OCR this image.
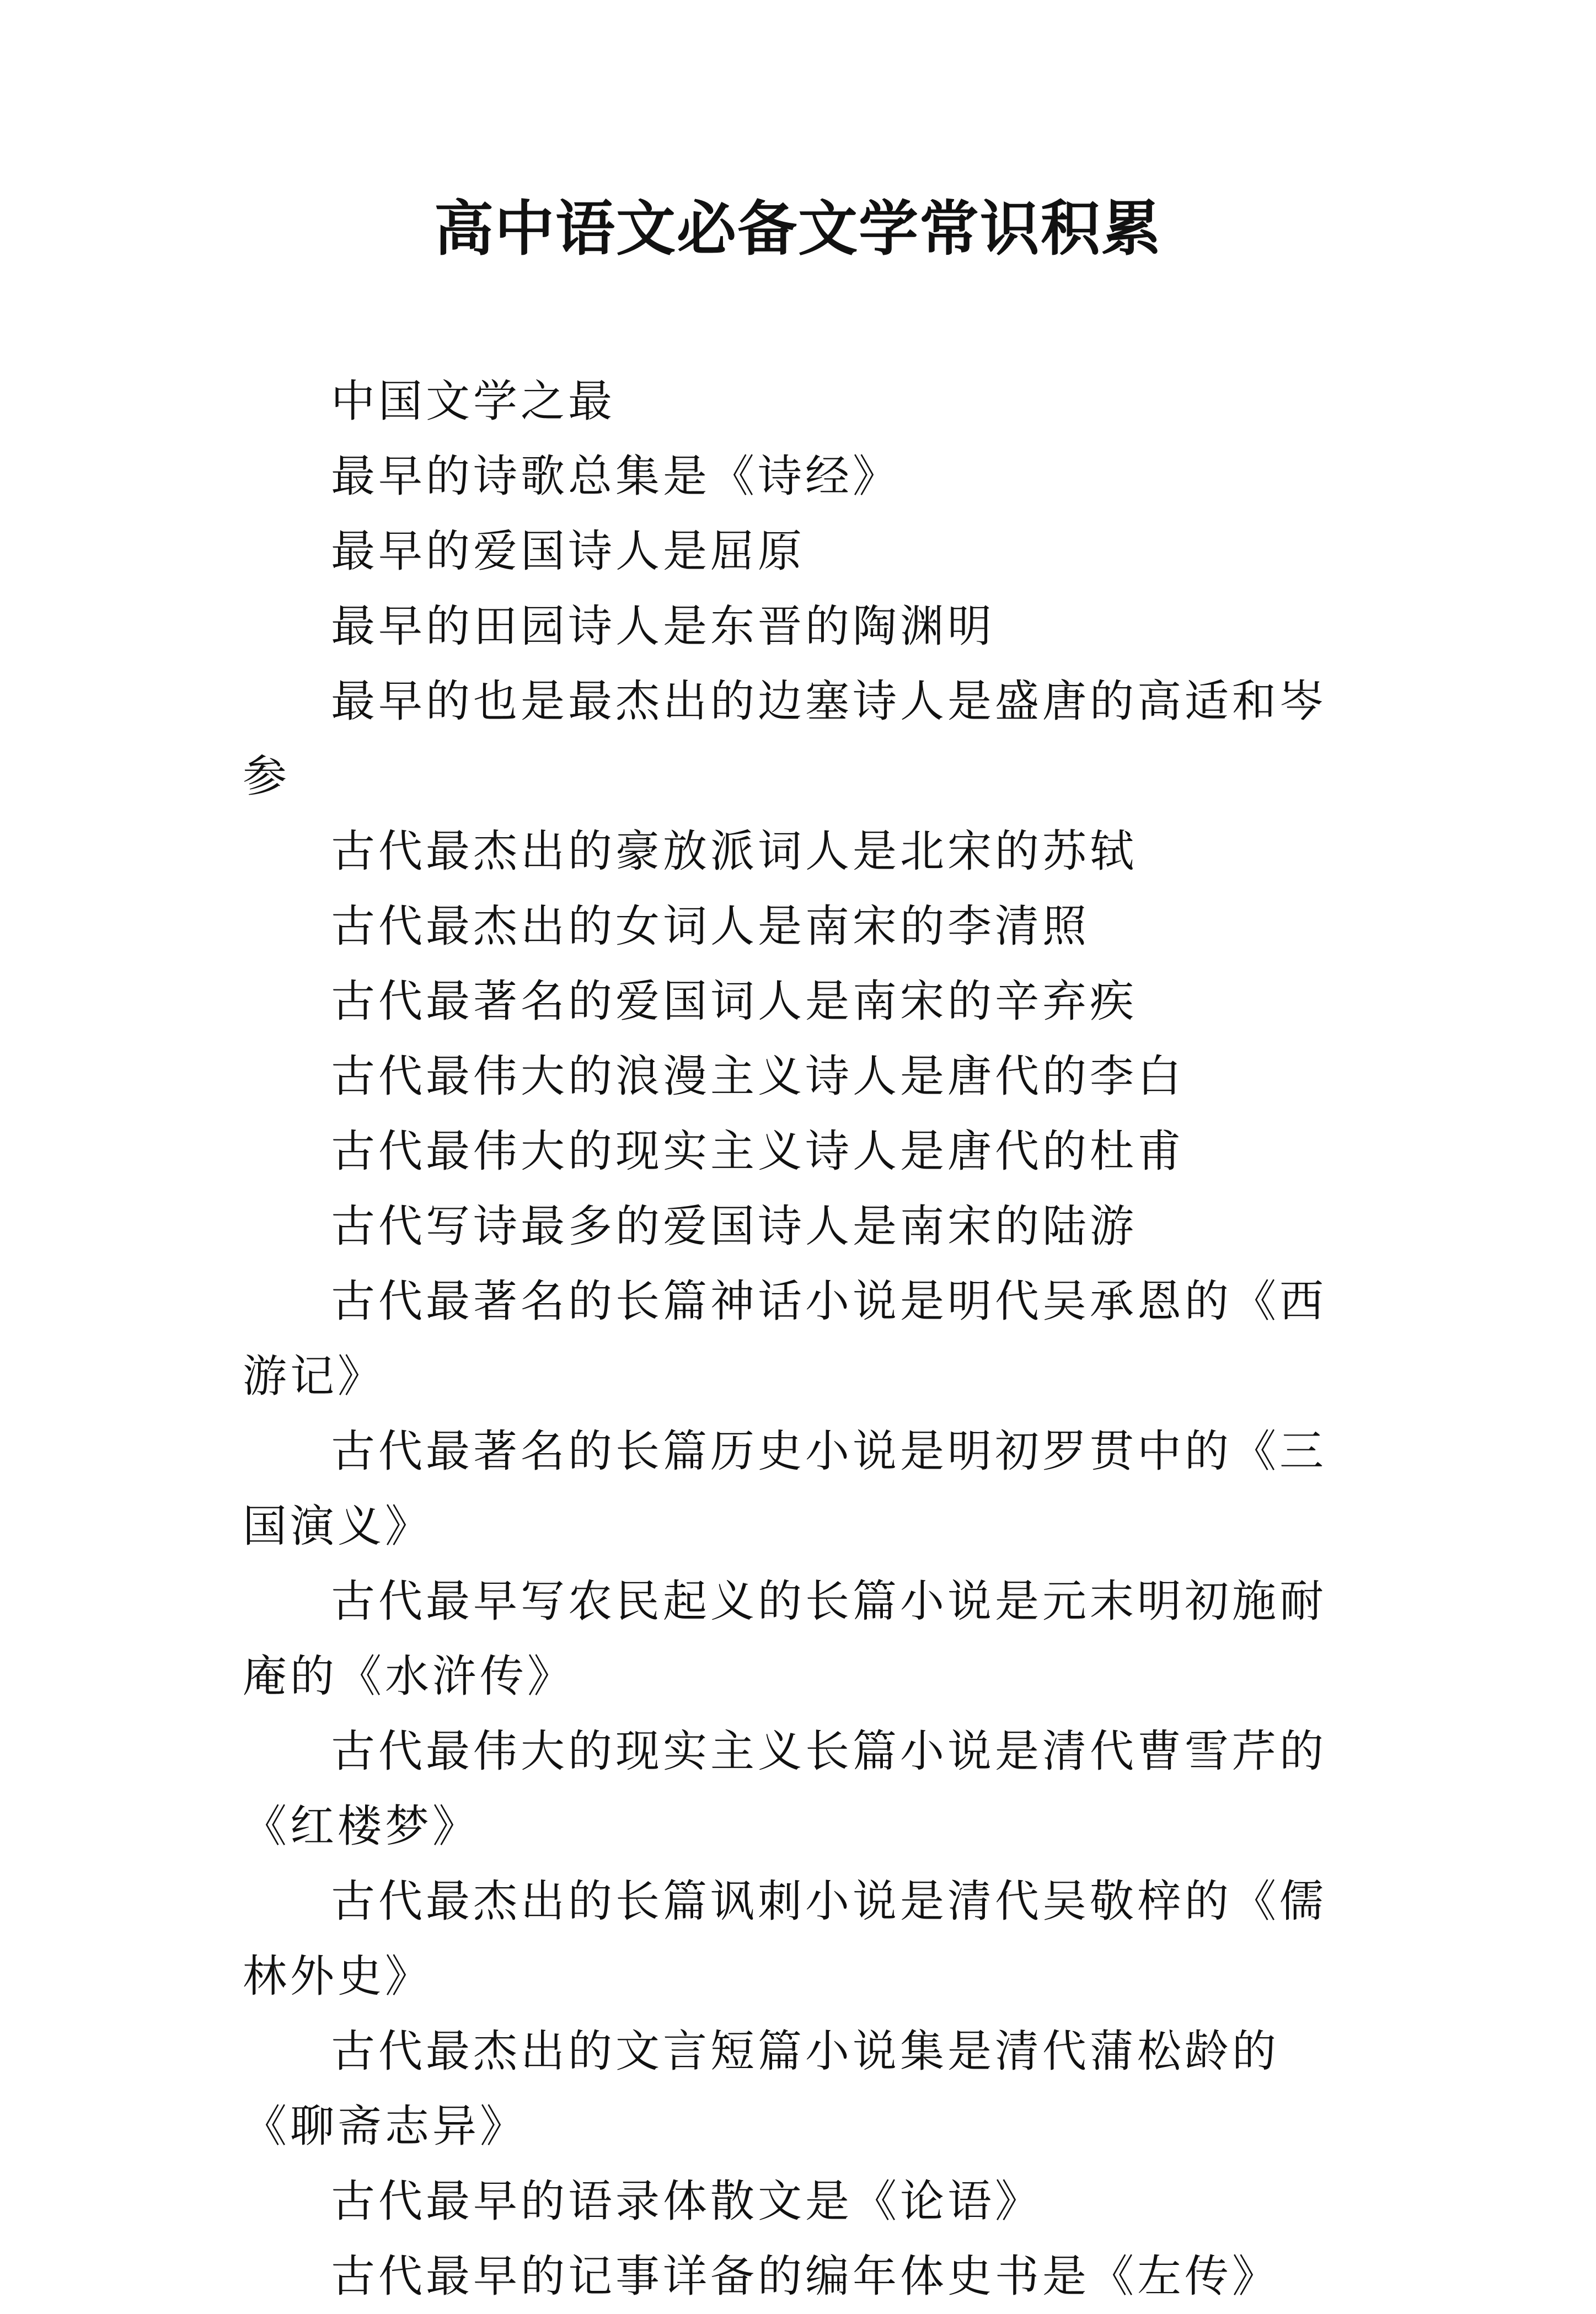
高中语文必备文学常识积累

中国文学之最

最早的诗歌总集是《诗经》

最早的爱国诗人是屈原

最早的田园诗人是东晋的陶渊明

最早的也是最杰出的边塞诗人是盛唐的高适和岑参

古代最杰出的豪放派词人是北宋的苏轼

古代最杰出的女词人是南宋的李清照

古代最著名的爱国词人是南宋的辛弃疾

古代最伟大的浪漫主义诗人是唐代的李白

古代最伟大的现实主义诗人是唐代的杜甫

古代写诗最多的爱国诗人是南宋的陆游

古代最著名的长篇神话小说是明代吴承恩的《西游记》

古代最著名的长篇历史小说是明初罗贯中的《三国演义》

古代最早写农民起义的长篇小说是元末明初施耐庵的《水浒传》

古代最伟大的现实主义长篇小说是清代曹雪芹的《红楼梦》

古代最杰出的长篇讽刺小说是清代吴敬梓的《儒林外史》

古代最杰出的文言短篇小说集是清代蒲松龄的《聊斋志异》

古代最早的语录体散文是《论语》

古代最早的记事详备的编年体史书是《左传》
